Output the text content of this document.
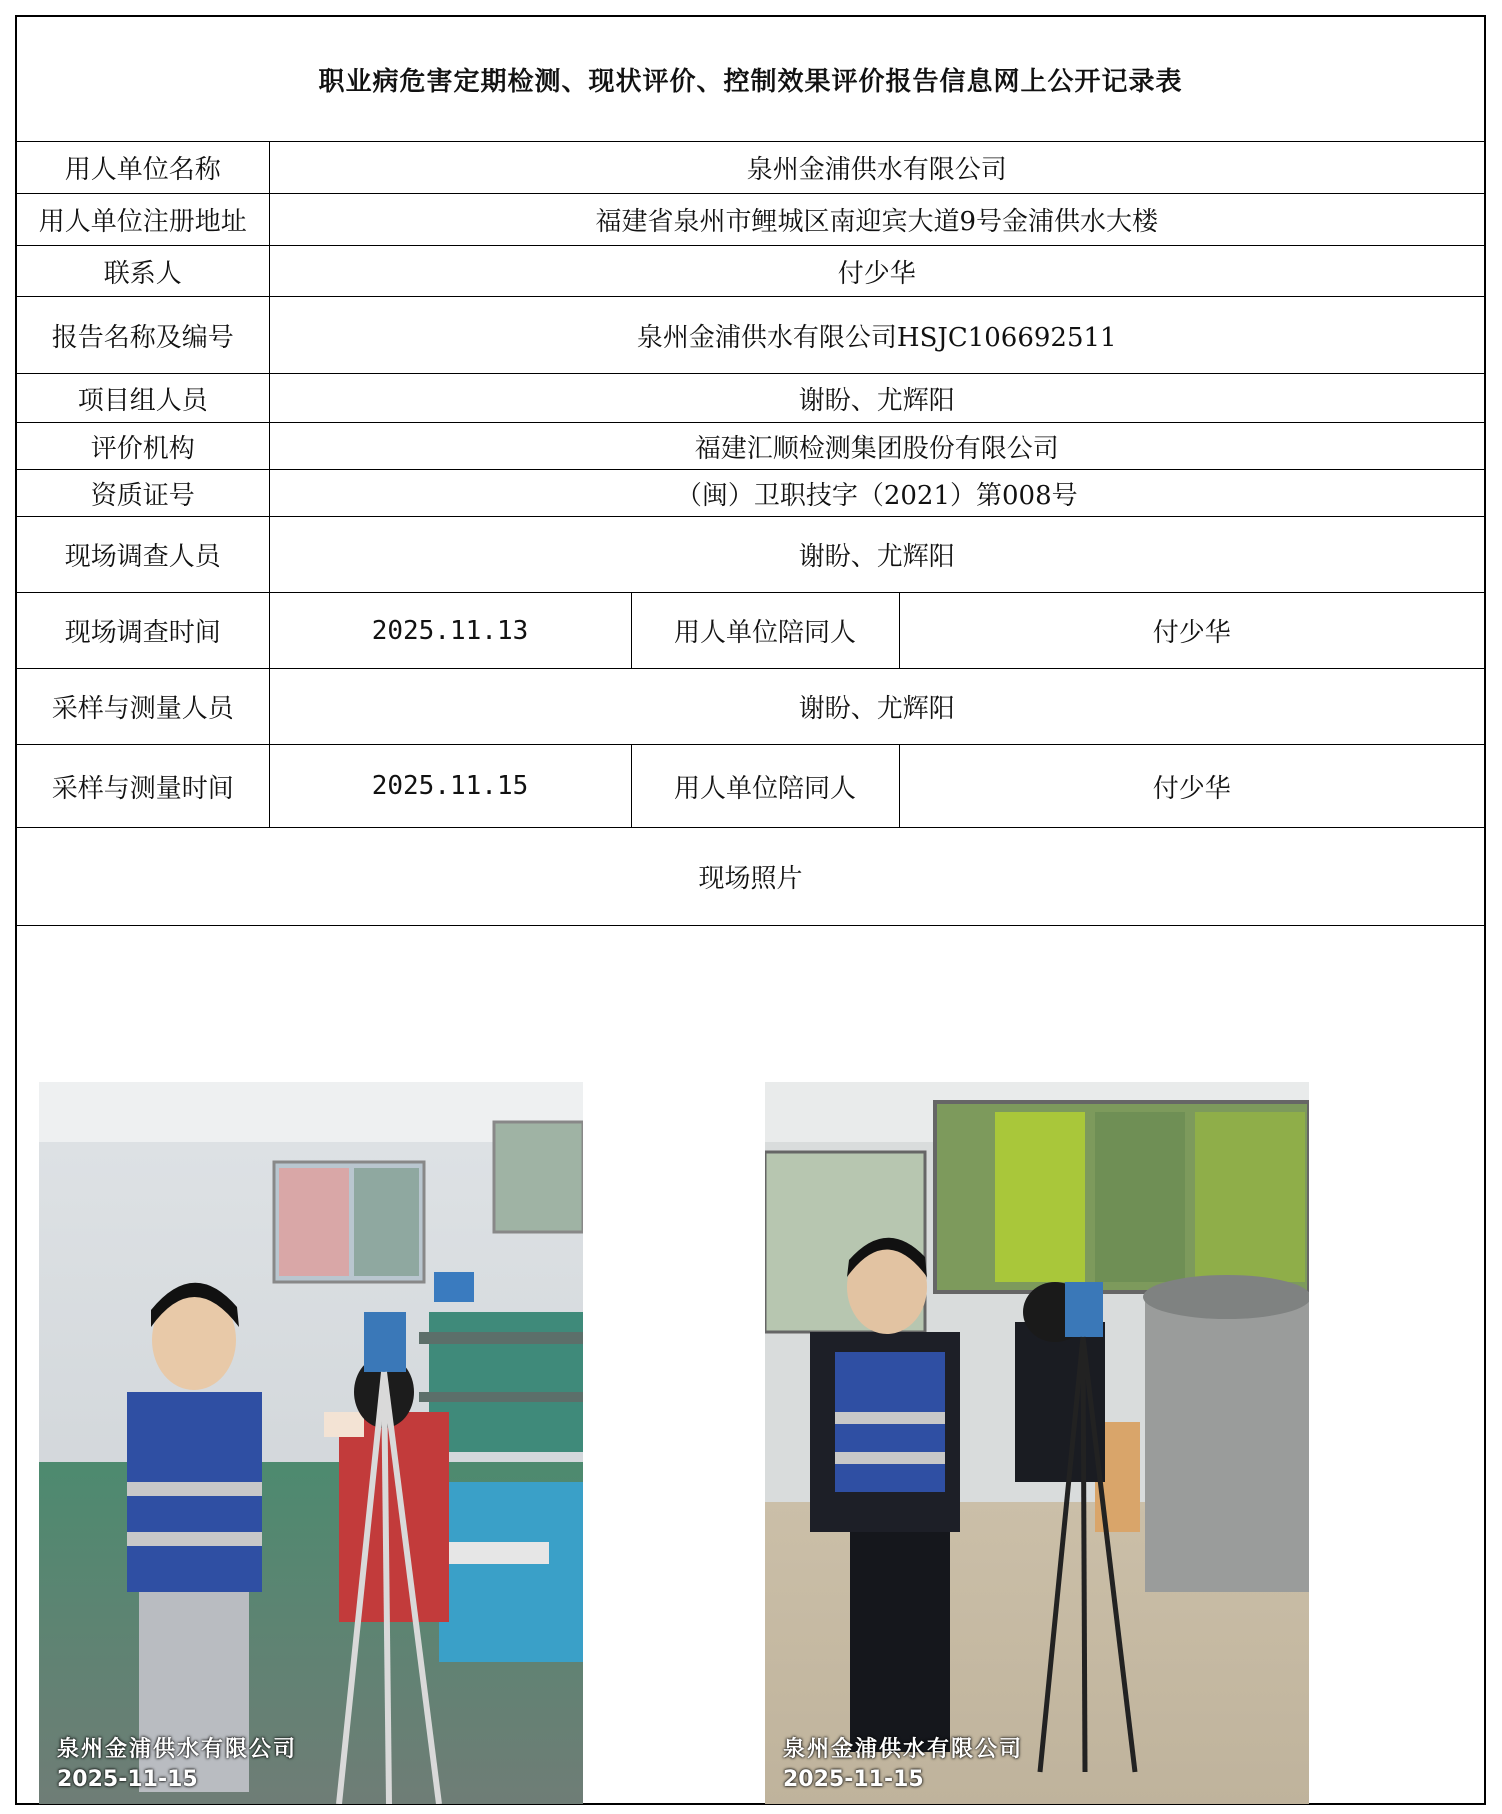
职业病危害定期检测、现状评价、控制效果评价报告信息网上公开记录表			
用人单位名称	泉州金浦供水有限公司		
用人单位注册地址	福建省泉州市鲤城区南迎宾大道9号金浦供水大楼		
联系人	付少华		
报告名称及编号	泉州金浦供水有限公司HSJC106692511		
项目组人员	谢盼、尤辉阳		
评价机构	福建汇顺检测集团股份有限公司		
资质证号	（闽）卫职技字（2021）第008号		
现场调查人员	谢盼、尤辉阳		
现场调查时间	2025.11.13	用人单位陪同人	付少华
采样与测量人员	谢盼、尤辉阳		
采样与测量时间	2025.11.15	用人单位陪同人	付少华
现场照片			
泉州金浦供水有限公司
2025-11-15
泉州金浦供水有限公司
2025-11-15
